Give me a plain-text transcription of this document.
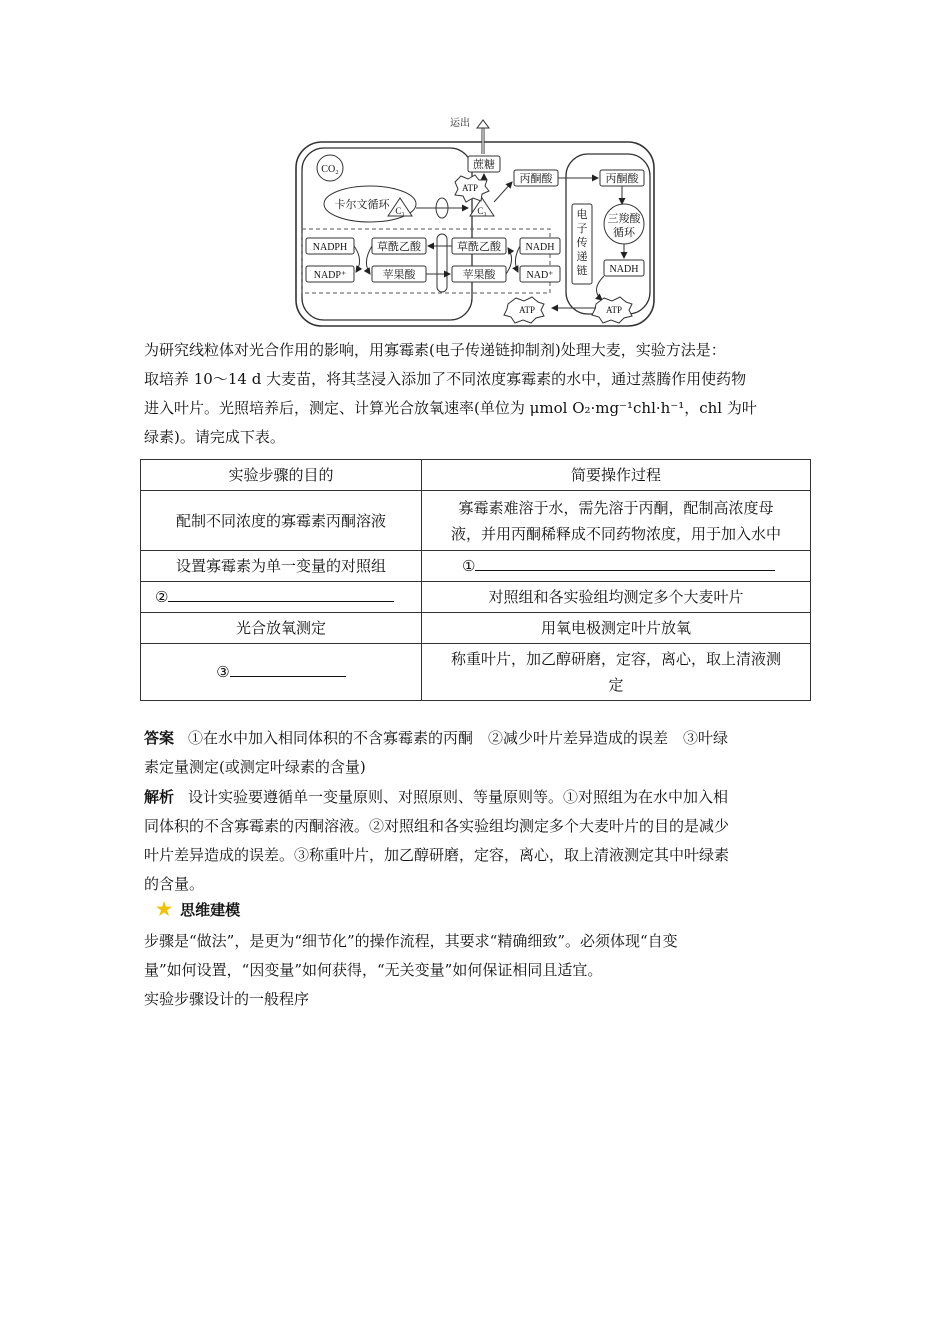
运出
蔗糖
CO₂
卡尔文循环 C₃	C₃
ATP
丙酮酸	丙酮酸
电子传递链
三羧酸
循环
NADH
ATP
ATP
NADPH
NADP⁺
草酰乙酸
苹果酸
草酰乙酸
苹果酸
NADH
NAD⁺

为研究线粒体对光合作用的影响，用寡霉素(电子传递链抑制剂)处理大麦，实验方法是：

取培养 10～14 d 大麦苗，将其茎浸入添加了不同浓度寡霉素的水中，通过蒸腾作用使药物

进入叶片。光照培养后，测定、计算光合放氧速率(单位为 μmol O₂·mg⁻¹chl·h⁻¹，chl 为叶

绿素)。请完成下表。

实验步骤的目的	简要操作过程
配制不同浓度的寡霉素丙酮溶液	寡霉素难溶于水，需先溶于丙酮，配制高浓度母
液，并用丙酮稀释成不同药物浓度，用于加入水中

设置寡霉素为单一变量的对照组	①
②	对照组和各实验组均测定多个大麦叶片
光合放氧测定	用氧电极测定叶片放氧
③	称重叶片，加乙醇研磨，定容，离心，取上清液测
定

答案 ①在水中加入相同体积的不含寡霉素的丙酮　②减少叶片差异造成的误差　③叶绿

素定量测定(或测定叶绿素的含量)

解析 设计实验要遵循单一变量原则、对照原则、等量原则等。①对照组为在水中加入相

同体积的不含寡霉素的丙酮溶液。②对照组和各实验组均测定多个大麦叶片的目的是减少

叶片差异造成的误差。③称重叶片，加乙醇研磨，定容，离心，取上清液测定其中叶绿素

的含量。

★ 思维建模

步骤是“做法”，是更为“细节化”的操作流程，其要求“精确细致”。必须体现“自变

量”如何设置，“因变量”如何获得，“无关变量”如何保证相同且适宜。

实验步骤设计的一般程序
